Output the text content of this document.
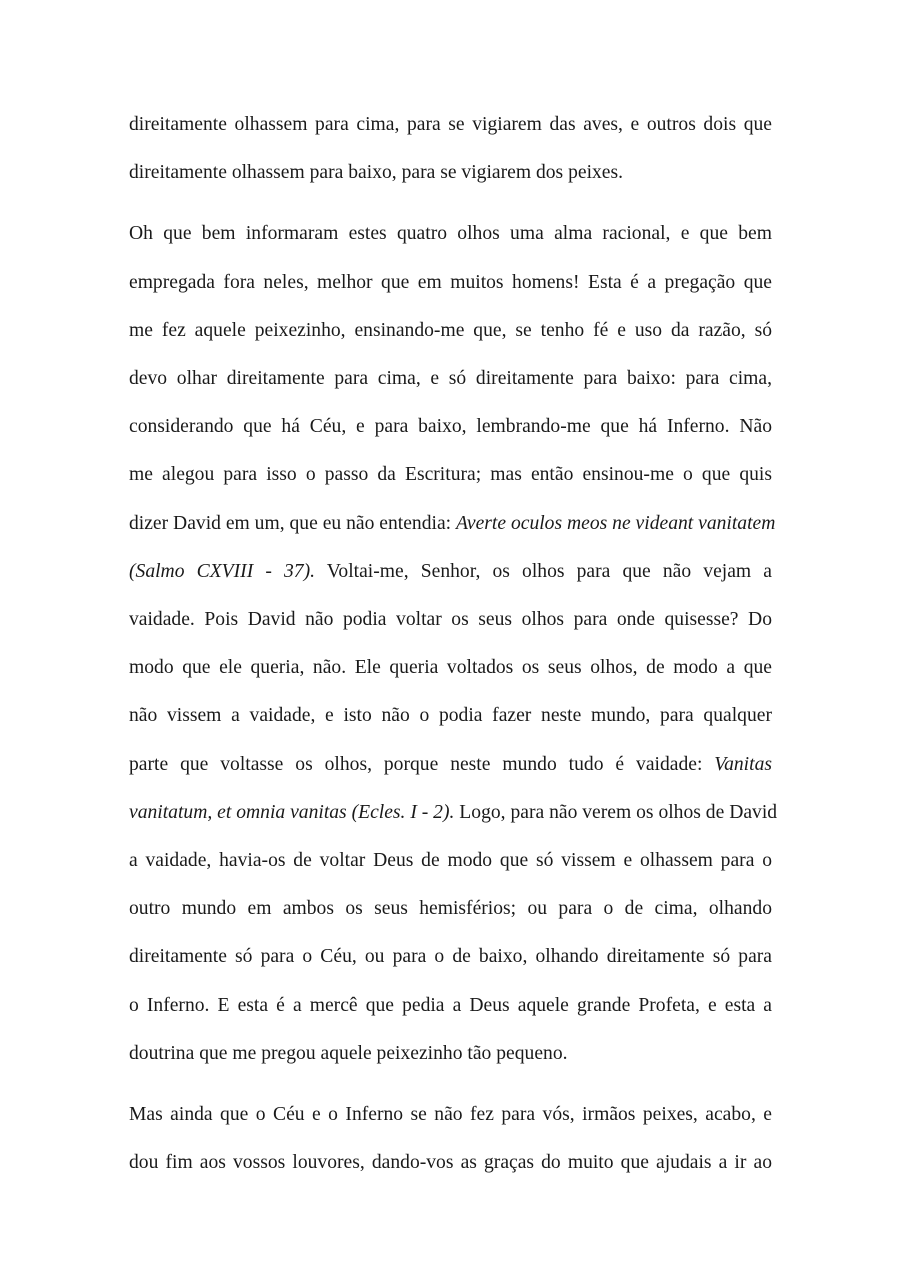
direitamente olhassem para cima, para se vigiarem das aves, e outros dois que
direitamente olhassem para baixo, para se vigiarem dos peixes.

Oh que bem informaram estes quatro olhos uma alma racional, e que bem
empregada fora neles, melhor que em muitos homens! Esta é a pregação que
me fez aquele peixezinho, ensinando-me que, se tenho fé e uso da razão, só
devo olhar direitamente para cima, e só direitamente para baixo: para cima,
considerando que há Céu, e para baixo, lembrando-me que há Inferno. Não
me alegou para isso o passo da Escritura; mas então ensinou-me o que quis
dizer David em um, que eu não entendia: Averte oculos meos ne videant vanitatem
(Salmo CXVIII - 37). Voltai-me, Senhor, os olhos para que não vejam a
vaidade. Pois David não podia voltar os seus olhos para onde quisesse? Do
modo que ele queria, não. Ele queria voltados os seus olhos, de modo a que
não vissem a vaidade, e isto não o podia fazer neste mundo, para qualquer
parte que voltasse os olhos, porque neste mundo tudo é vaidade: Vanitas
vanitatum, et omnia vanitas (Ecles. I - 2). Logo, para não verem os olhos de David
a vaidade, havia-os de voltar Deus de modo que só vissem e olhassem para o
outro mundo em ambos os seus hemisférios; ou para o de cima, olhando
direitamente só para o Céu, ou para o de baixo, olhando direitamente só para
o Inferno. E esta é a mercê que pedia a Deus aquele grande Profeta, e esta a
doutrina que me pregou aquele peixezinho tão pequeno.

Mas ainda que o Céu e o Inferno se não fez para vós, irmãos peixes, acabo, e
dou fim aos vossos louvores, dando-vos as graças do muito que ajudais a ir ao
